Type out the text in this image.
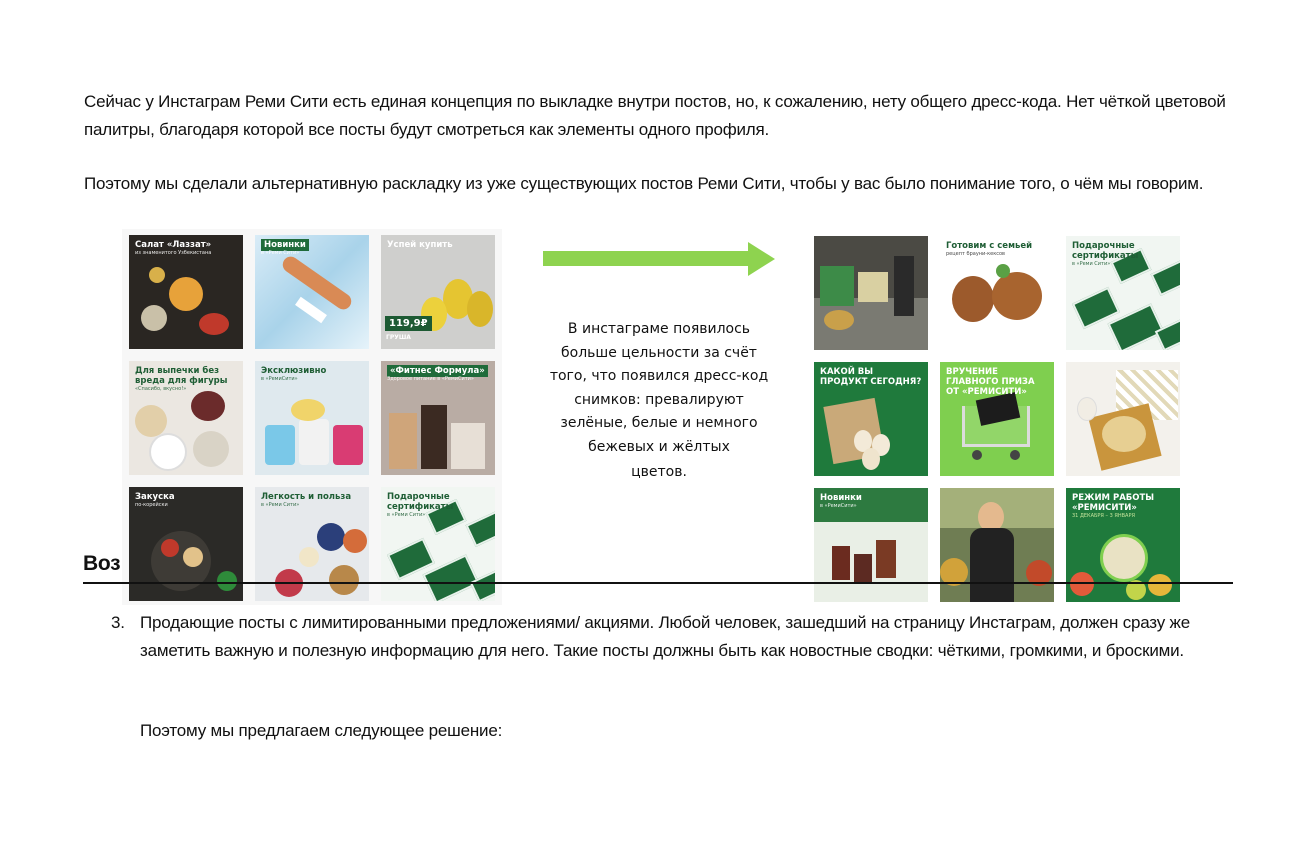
Сейчас у Инстаграм Реми Сити есть единая концепция по выкладке внутри постов, но, к сожалению, нету общего дресс-кода. Нет чёткой цветовой палитры, благодаря которой все посты будут смотреться как элементы одного профиля.
Поэтому мы сделали альтернативную раскладку из уже существующих постов Реми Сити, чтобы у вас было понимание того, о чём мы говорим.
Салат «Лаззат»
из знаменитого Узбекистана
Новинки
в «Реми Сити»
Успей купить
119,9₽
ГРУША
Для выпечки без вреда для фигуры
«Спасибо, вкусно!»
Эксклюзивно
в «РемиСити»
«Фитнес Формула»
Здоровое питание в «РемиСити»
Закуска
по-корейски
Легкость и польза
в «Реми Сити»
Подарочные сертификаты
в «Реми Сити»
В инстаграме появилось больше цельности за счёт того, что появился дресс-код снимков: превалируют зелёные, белые и немного бежевых и жёлтых
цветов.
Готовим с семьей
рецепт брауни-кексов
Подарочные сертификаты
в «Реми Сити»
КАКОЙ ВЫ ПРОДУКТ СЕГОДНЯ?
ВРУЧЕНИЕ ГЛАВНОГО ПРИЗА ОТ «РЕМИСИТИ»
Новинки
в «РемиСити»
РЕЖИМ РАБОТЫ «РЕМИСИТИ»
31 ДЕКАБРЯ – 3 ЯНВАРЯ
Воз
3. Продающие посты с лимитированными предложениями/ акциями. Любой человек, зашедший на страницу Инстаграм, должен сразу же заметить важную и полезную информацию для него. Такие посты должны быть как новостные сводки: чёткими, громкими, и броскими.
Поэтому мы предлагаем следующее решение:
